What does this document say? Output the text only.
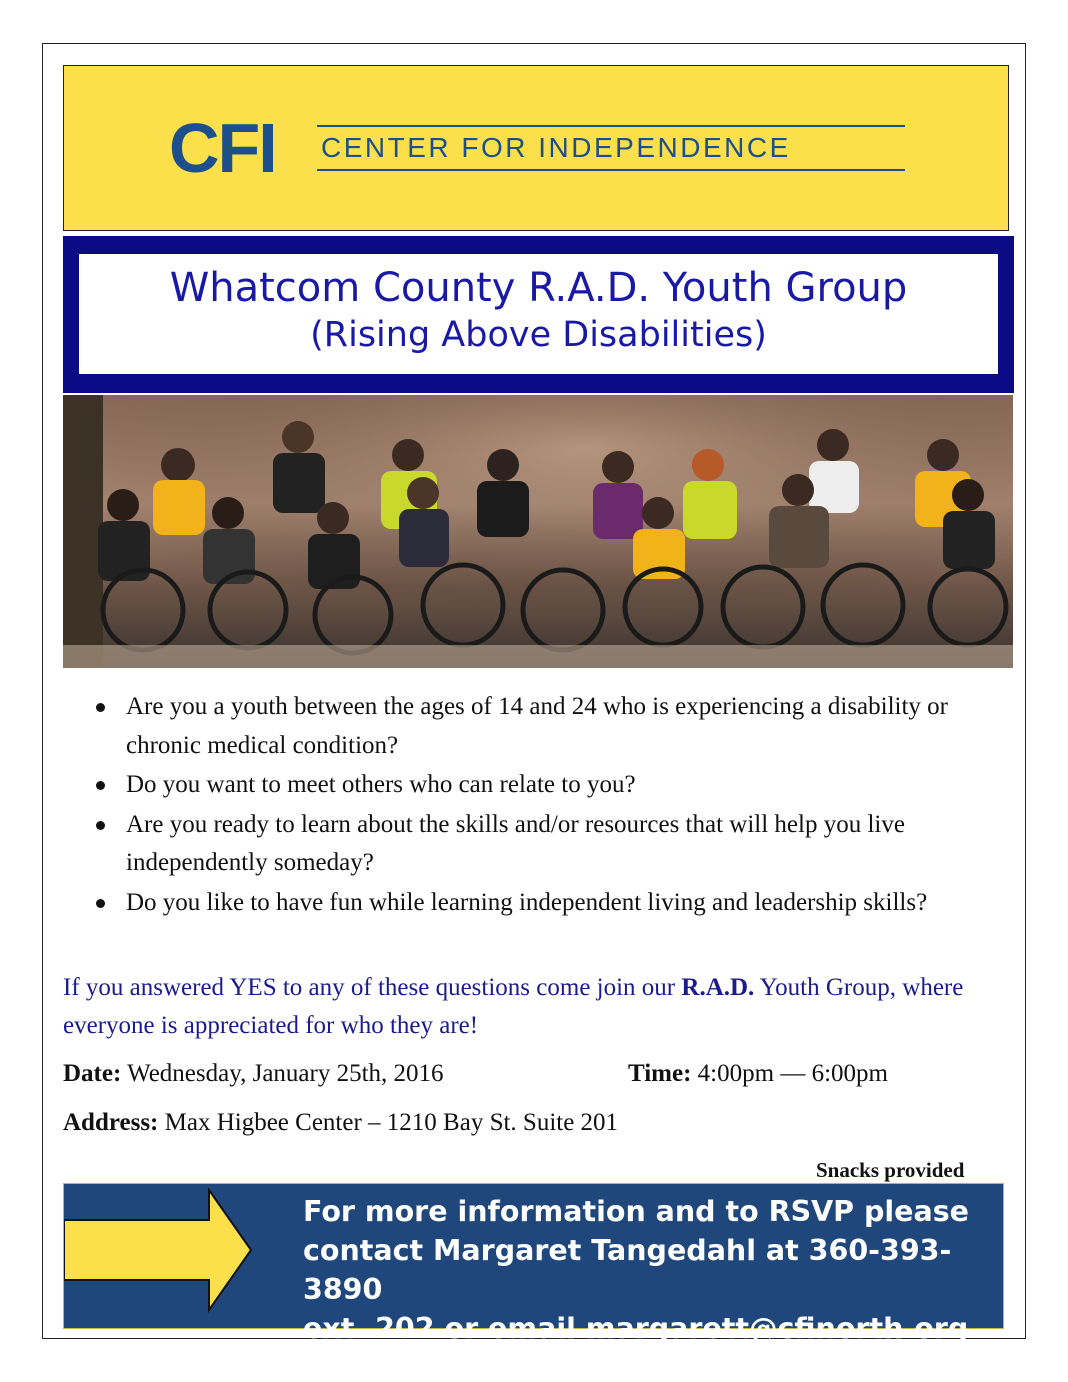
CFI CENTER FOR INDEPENDENCE
Whatcom County R.A.D. Youth Group
(Rising Above Disabilities)
Are you a youth between the ages of 14 and 24 who is experiencing a disability or chronic medical condition?
Do you want to meet others who can relate to you?
Are you ready to learn about the skills and/or resources that will help you live independently someday?
Do you like to have fun while learning independent living and leadership skills?
If you answered YES to any of these questions come join our R.A.D. Youth Group, where everyone is appreciated for who they are!
Date: Wednesday, January 25th, 2016	Time: 4:00pm — 6:00pm
Address: Max Higbee Center – 1210 Bay St. Suite 201
Snacks provided
For more information and to RSVP please
contact Margaret Tangedahl at 360-393-3890
ext. 202 or email margarett@cfinorth.org
